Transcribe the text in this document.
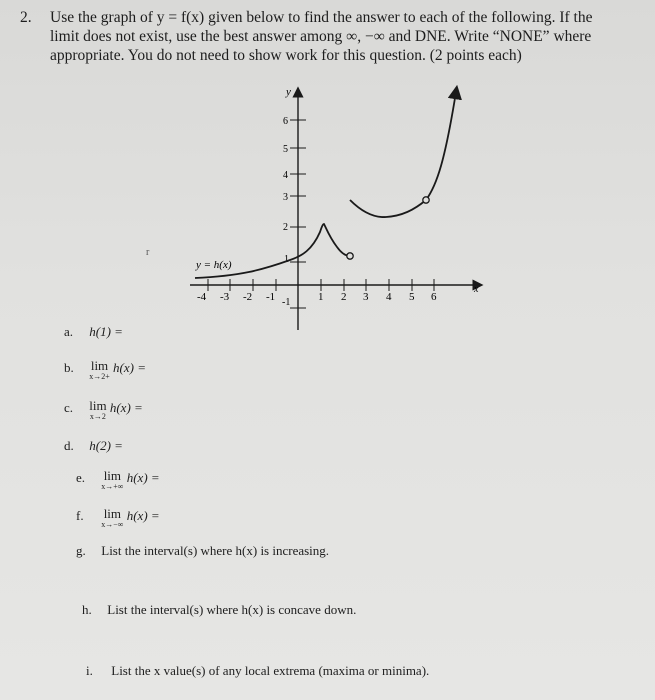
2. Use the graph of y = f(x) given below to find the answer to each of the following. If the limit does not exist, use the best answer among ∞, −∞ and DNE. Write “NONE” where appropriate. You do not need to show work for this question. (2 points each)
x
y
-4 -3 -2 -1	1 2 3 4 5 6
1
2
3
4
5
6
-1
y = h(x)
r
a. h(1) =
b. lim
x→2+
h(x) =
c. lim
x→2
h(x) =
d. h(2) =
e. lim
x→+∞
h(x) =
f. lim
x→−∞
h(x) =
g. List the interval(s) where h(x) is increasing.
h. List the interval(s) where h(x) is concave down.
i. List the x value(s) of any local extrema (maxima or minima).
